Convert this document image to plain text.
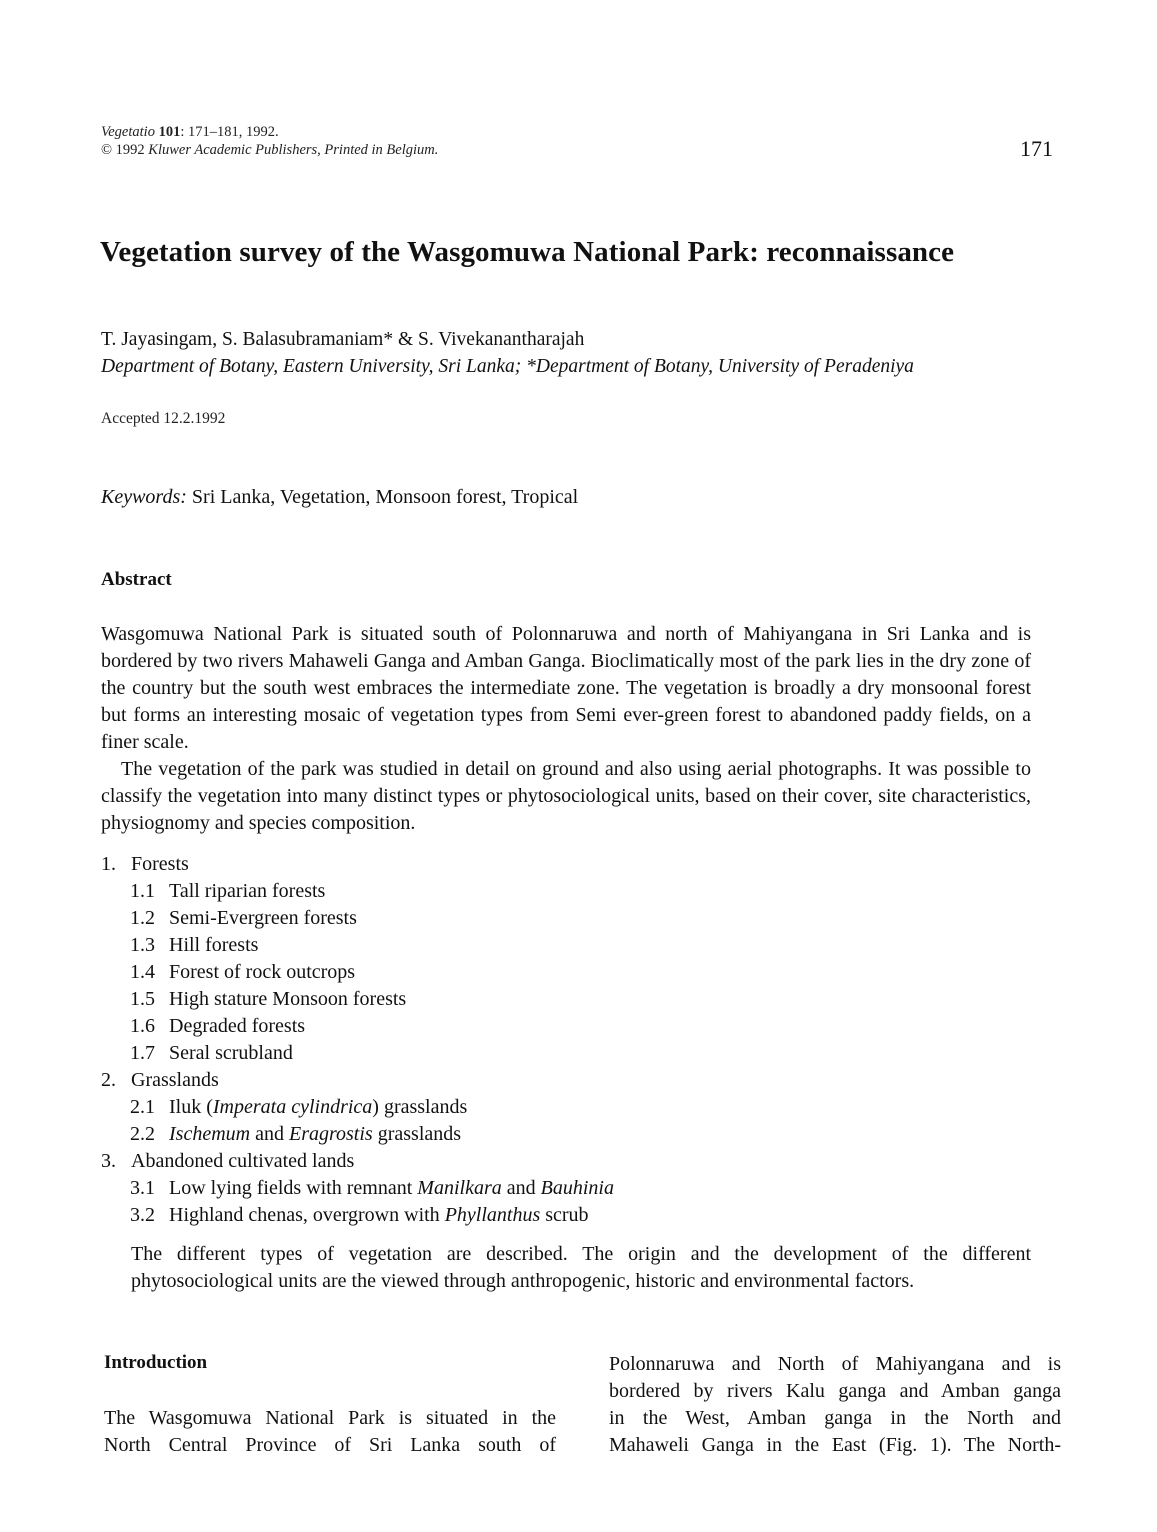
Vegetatio 101: 171–181, 1992.
© 1992 Kluwer Academic Publishers, Printed in Belgium.	171
Vegetation survey of the Wasgomuwa National Park: reconnaissance
T. Jayasingam, S. Balasubramaniam* & S. Vivekanantharajah
Department of Botany, Eastern University, Sri Lanka; *Department of Botany, University of Peradeniya
Accepted 12.2.1992
Keywords: Sri Lanka, Vegetation, Monsoon forest, Tropical
Abstract

Wasgomuwa National Park is situated south of Polonnaruwa and north of Mahiyangana in Sri Lanka and is bordered by two rivers Mahaweli Ganga and Amban Ganga. Bioclimatically most of the park lies in the dry zone of the country but the south west embraces the intermediate zone. The vegetation is broadly a dry monsoonal forest but forms an interesting mosaic of vegetation types from Semi ever-green forest to abandoned paddy fields, on a finer scale.

The vegetation of the park was studied in detail on ground and also using aerial photographs. It was possible to classify the vegetation into many distinct types or phytosociological units, based on their cover, site characteristics, physiognomy and species composition.

1. Forests
1.1 Tall riparian forests
1.2 Semi-Evergreen forests
1.3 Hill forests
1.4 Forest of rock outcrops
1.5 High stature Monsoon forests
1.6 Degraded forests
1.7 Seral scrubland
2. Grasslands
2.1 Iluk (Imperata cylindrica) grasslands
2.2 Ischemum and Eragrostis grasslands
3. Abandoned cultivated lands
3.1 Low lying fields with remnant Manilkara and Bauhinia
3.2 Highland chenas, overgrown with Phyllanthus scrub
The different types of vegetation are described. The origin and the development of the different phytosociological units are the viewed through anthropogenic, historic and environmental factors.
Introduction
The Wasgomuwa National Park is situated in the
North Central Province of Sri Lanka south of
Polonnaruwa and North of Mahiyangana and is
bordered by rivers Kalu ganga and Amban ganga
in the West, Amban ganga in the North and
Mahaweli Ganga in the East (Fig. 1). The North-
